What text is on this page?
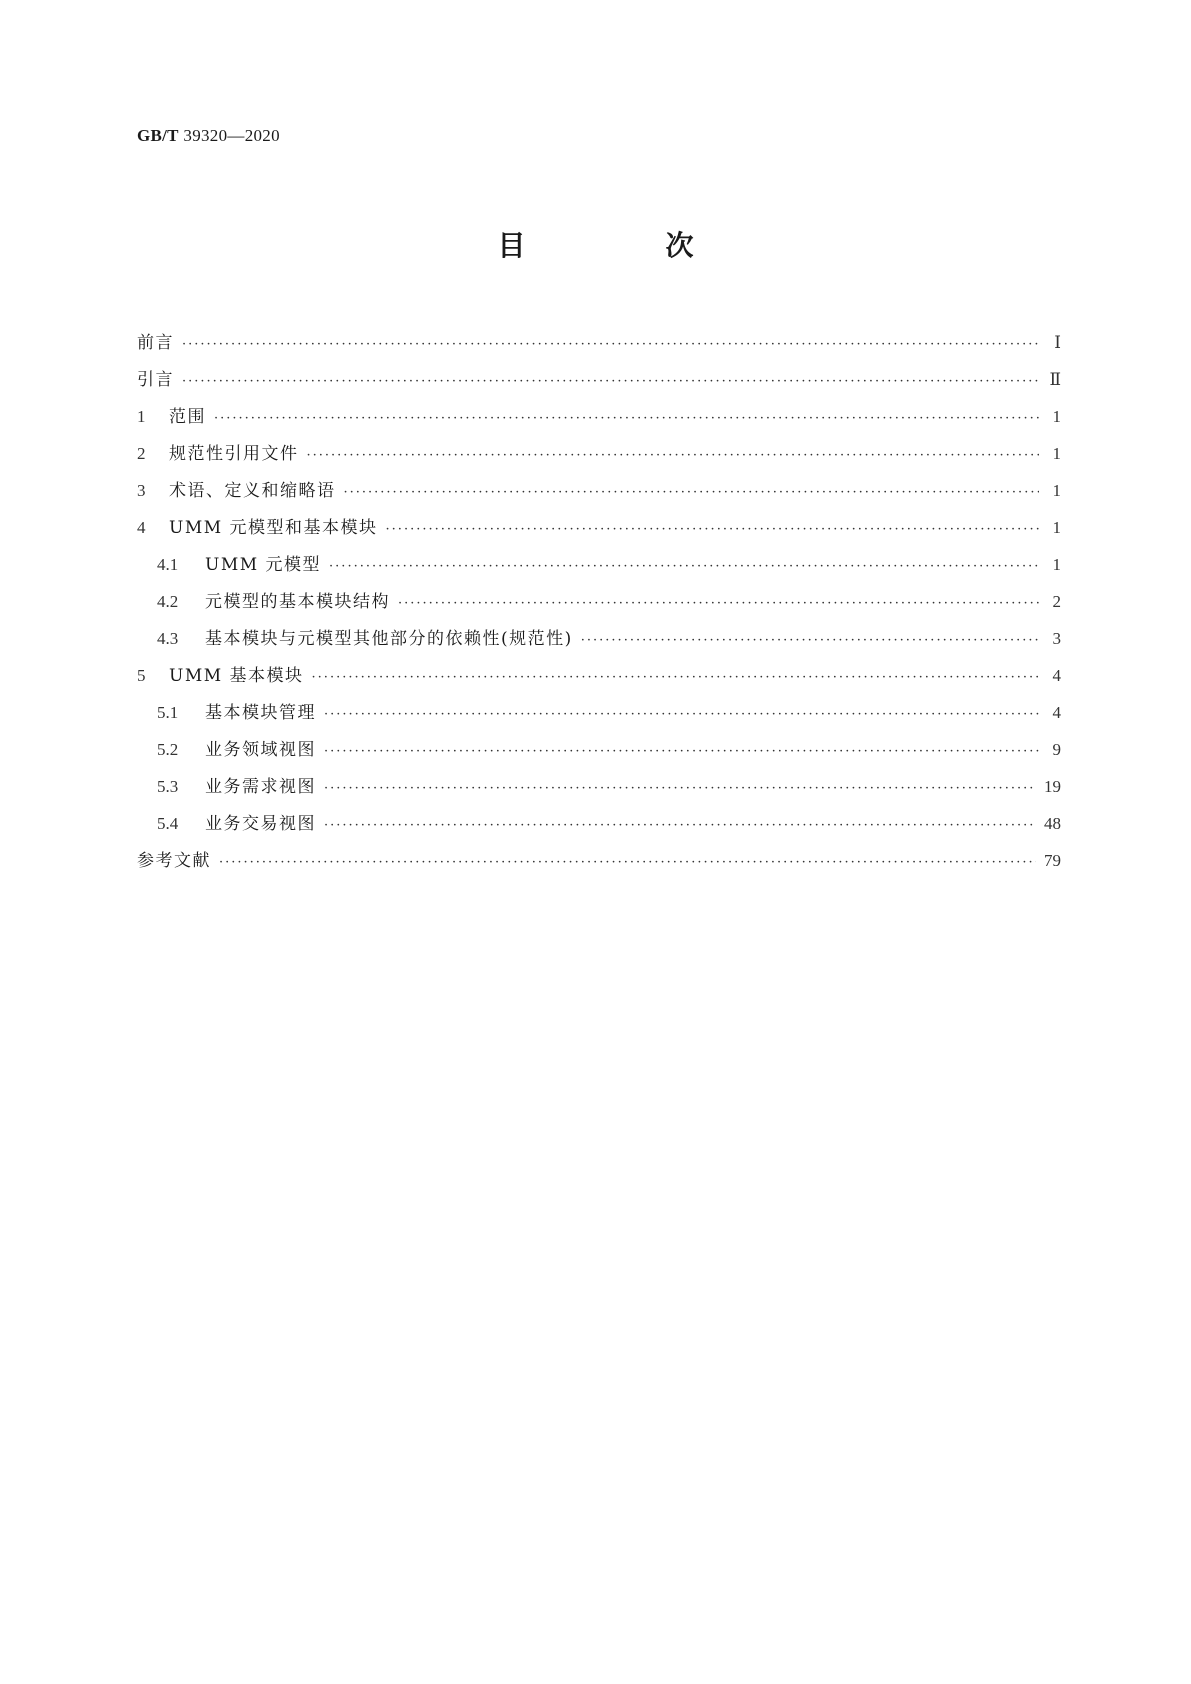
GB/T 39320—2020
目　次
前言 ·····	Ⅰ
引言 ·····	Ⅱ
1	范围 ·····	1
2	规范性引用文件 ·····	1
3	术语、定义和缩略语 ·····	1
4	UMM 元模型和基本模块 ·····	1
4.1	UMM 元模型 ·····	1
4.2	元模型的基本模块结构 ·····	2
4.3	基本模块与元模型其他部分的依赖性(规范性) ·····	3
5	UMM 基本模块 ·····	4
5.1	基本模块管理 ·····	4
5.2	业务领域视图 ·····	9
5.3	业务需求视图 ·····	19
5.4	业务交易视图 ·····	48
参考文献 ·····	79
